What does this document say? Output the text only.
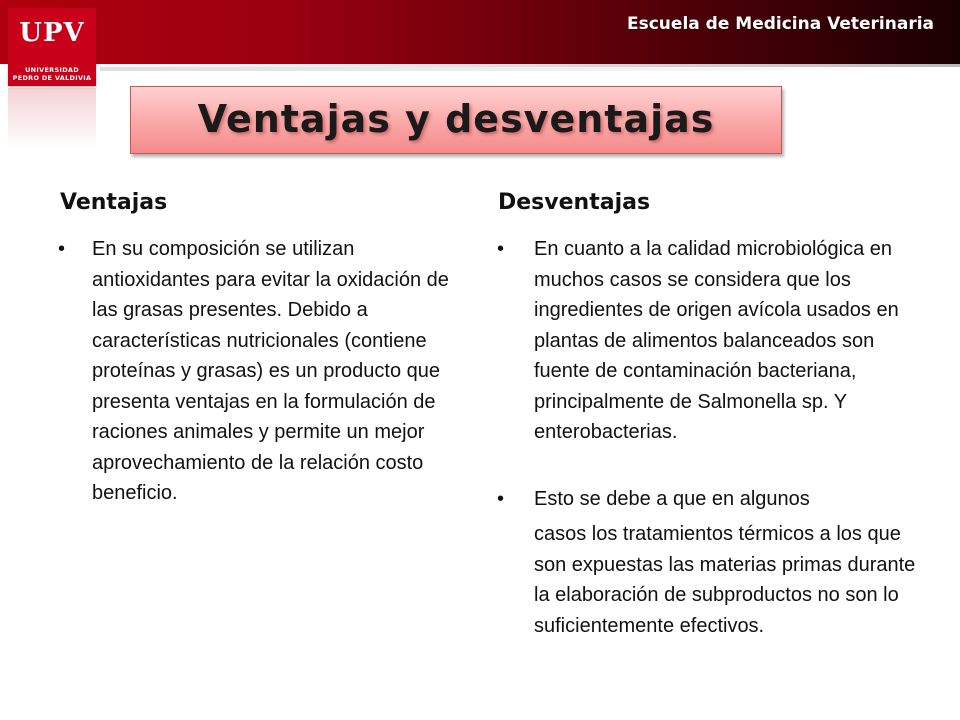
Escuela de Medicina Veterinaria
UPV
UNIVERSIDAD
PEDRO DE VALDIVIA
Ventajas y desventajas
Ventajas	Desventajas
• En su composición se utilizan antioxidantes para evitar la oxidación de las grasas presentes. Debido a características nutricionales (contiene proteínas y grasas) es un producto que presenta ventajas en la formulación de raciones animales y permite un mejor aprovechamiento de la relación costo beneficio.
• En cuanto a la calidad microbiológica en muchos casos se considera que los ingredientes de origen avícola usados en plantas de alimentos balanceados son fuente de contaminación bacteriana, principalmente de Salmonella sp. Y enterobacterias.
• Esto se debe a que en algunos
casos los tratamientos térmicos a los que son expuestas las materias primas durante la elaboración de subproductos no son lo suficientemente efectivos.
